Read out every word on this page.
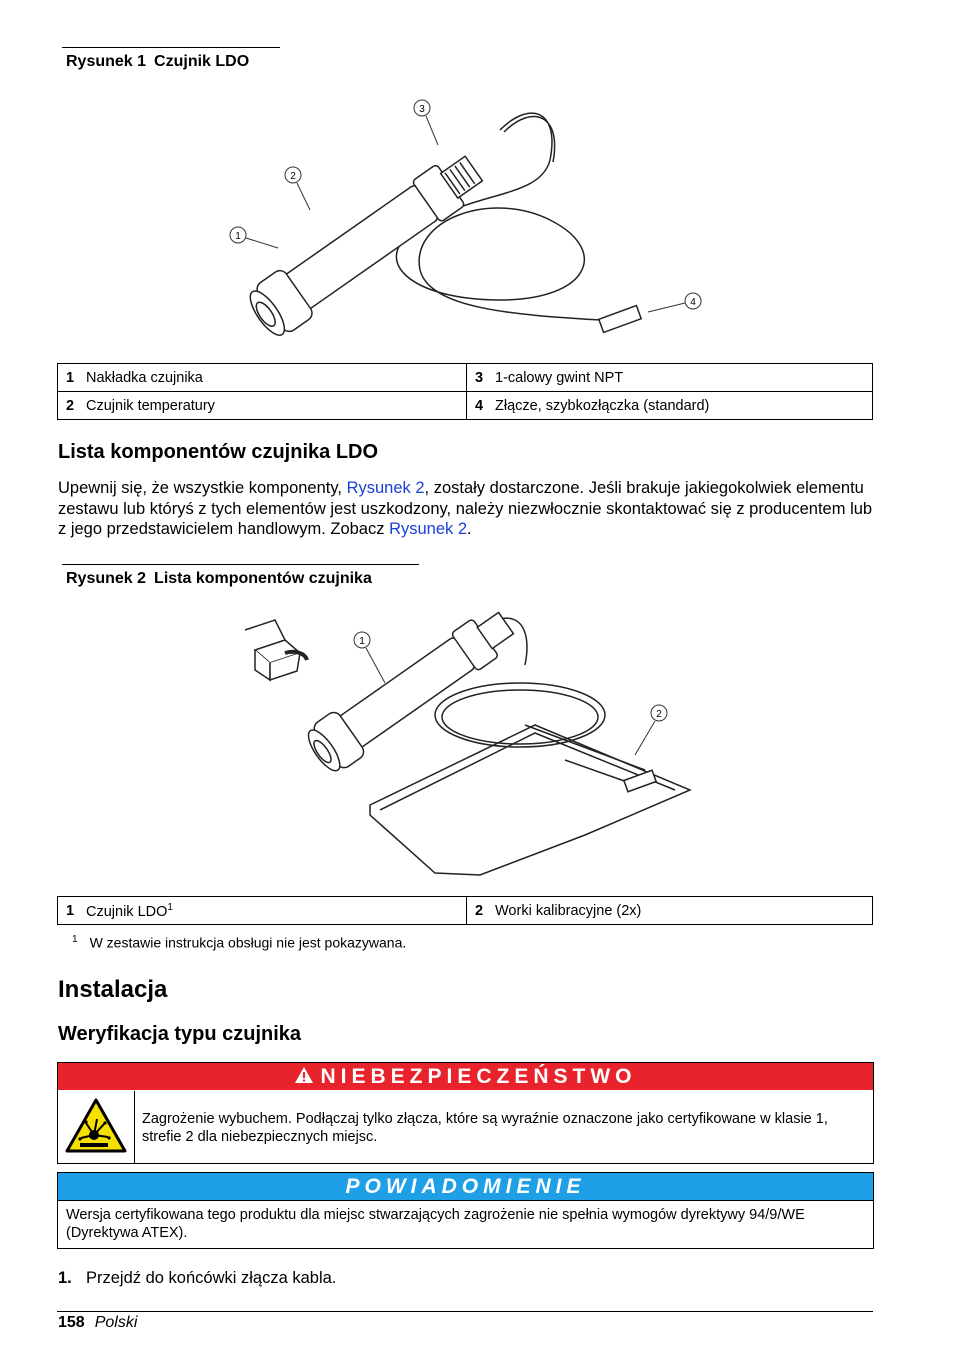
Rysunek 1 Czujnik LDO
3
2
1
4
1 Nakładka czujnika	3 1-calowy gwint NPT
2 Czujnik temperatury	4 Złącze, szybkozłączka (standard)
Lista komponentów czujnika LDO
Upewnij się, że wszystkie komponenty, Rysunek 2, zostały dostarczone. Jeśli brakuje jakiegokolwiek elementu zestawu lub któryś z tych elementów jest uszkodzony, należy niezwłocznie skontaktować się z producentem lub z jego przedstawicielem handlowym. Zobacz Rysunek 2.
Rysunek 2 Lista komponentów czujnika
1
2
1 Czujnik LDO$^1$	2 Worki kalibracyjne (2x)
$^1$ W zestawie instrukcja obsługi nie jest pokazywana.
Instalacja
Weryfikacja typu czujnika
NIEBEZPIECZEŃSTWO
Zagrożenie wybuchem. Podłączaj tylko złącza, które są wyraźnie oznaczone jako certyfikowane w klasie 1, strefie 2 dla niebezpiecznych miejsc.
POWIADOMIENIE
Wersja certyfikowana tego produktu dla miejsc stwarzających zagrożenie nie spełnia wymogów dyrektywy 94/9/WE (Dyrektywa ATEX).
1. Przejdź do końcówki złącza kabla.
158 Polski
